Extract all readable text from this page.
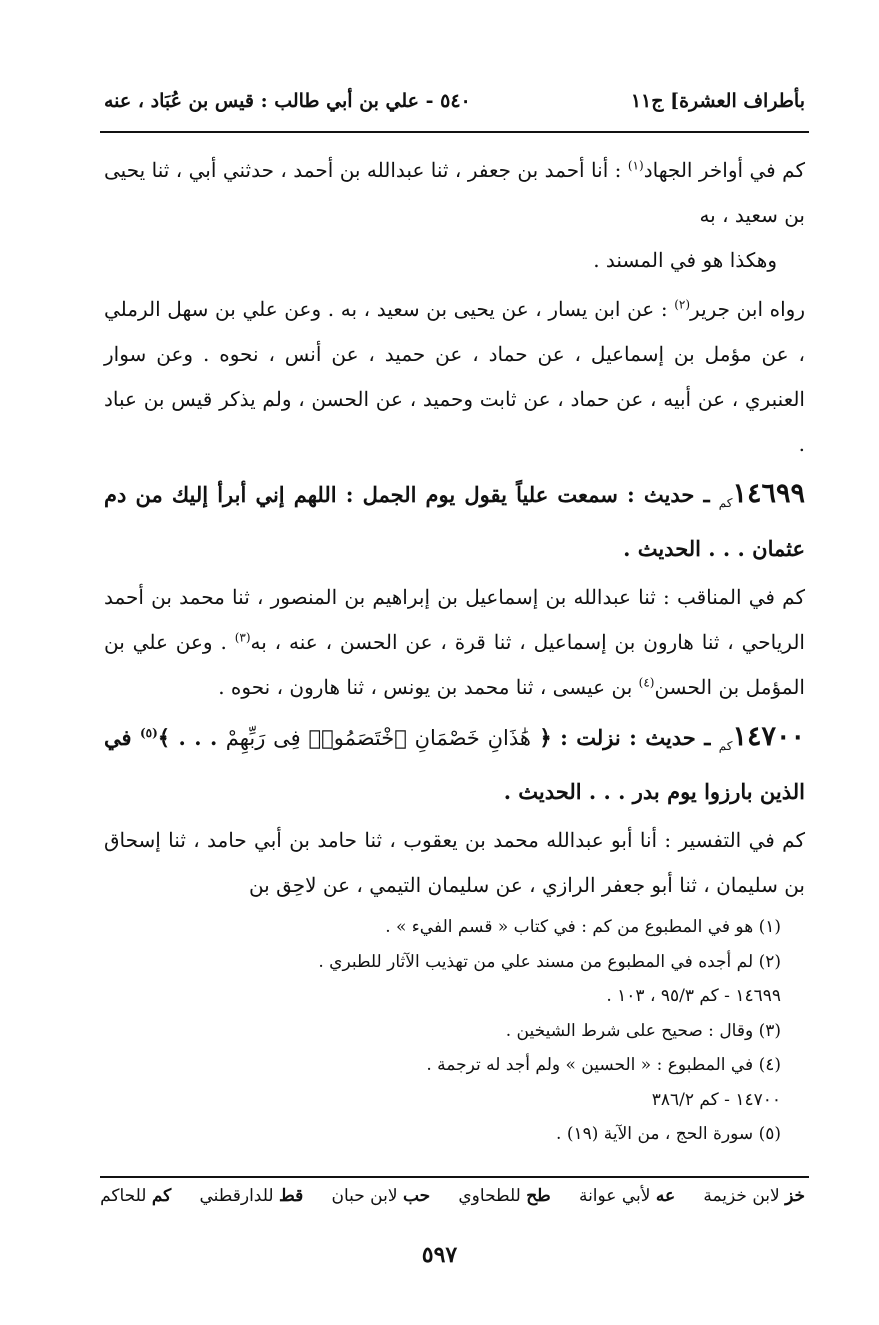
بأطراف العشرة] ج١١
٥٤٠ - علي بن أبي طالب : قيس بن عُبَاد ، عنه

كم في أواخر الجهاد$^{(١)}$ : أنا أحمد بن جعفر ، ثنا عبدالله بن أحمد ، حدثني أبي ، ثنا يحيى بن سعيد ، به

وهكذا هو في المسند .

رواه ابن جرير$^{(٢)}$ : عن ابن يسار ، عن يحيى بن سعيد ، به . وعن علي بن سهل الرملي ، عن مؤمل بن إسماعيل ، عن حماد ، عن حميد ، عن أنس ، نحوه . وعن سوار العنبري ، عن أبيه ، عن حماد ، عن ثابت وحميد ، عن الحسن ، ولم يذكر قيس بن عباد .

$١٤٦٩٩_{كم}$ ـ حديث : سمعت علياً يقول يوم الجمل : اللهم إني أبرأ إليك من دم عثمان . . . الحديث .

كم في المناقب : ثنا عبدالله بن إسماعيل بن إبراهيم بن المنصور ، ثنا محمد بن أحمد الرياحي ، ثنا هارون بن إسماعيل ، ثنا قرة ، عن الحسن ، عنه ، به$^{(٣)}$ . وعن علي بن المؤمل بن الحسن$^{(٤)}$ بن عيسى ، ثنا محمد بن يونس ، ثنا هارون ، نحوه .

$١٤٧٠٠_{كم}$ ـ حديث : نزلت : ﴿ هَٰذَانِ خَصْمَانِ ٱخْتَصَمُوا۟ فِى رَبِّهِمْ . . . ﴾$^{(٥)}$ في الذين بارزوا يوم بدر . . . الحديث .

كم في التفسير : أنا أبو عبدالله محمد بن يعقوب ، ثنا حامد بن أبي حامد ، ثنا إسحاق بن سليمان ، ثنا أبو جعفر الرازي ، عن سليمان التيمي ، عن لاحِق بن

(١) هو في المطبوع من كم : في كتاب « قسم الفيء » .
(٢) لم أجده في المطبوع من مسند علي من تهذيب الآثار للطبري .
١٤٦٩٩ - كم ٩٥/٣ ، ١٠٣ .
(٣) وقال : صحيح على شرط الشيخين .
(٤) في المطبوع : « الحسين » ولم أجد له ترجمة .
١٤٧٠٠ - كم ٣٨٦/٢
(٥) سورة الحج ، من الآية (١٩) .
خز لابن خزيمة
عه لأبي عوانة
طح للطحاوي
حب لابن حبان
قط للدارقطني
كم للحاكم
٥٩٧
